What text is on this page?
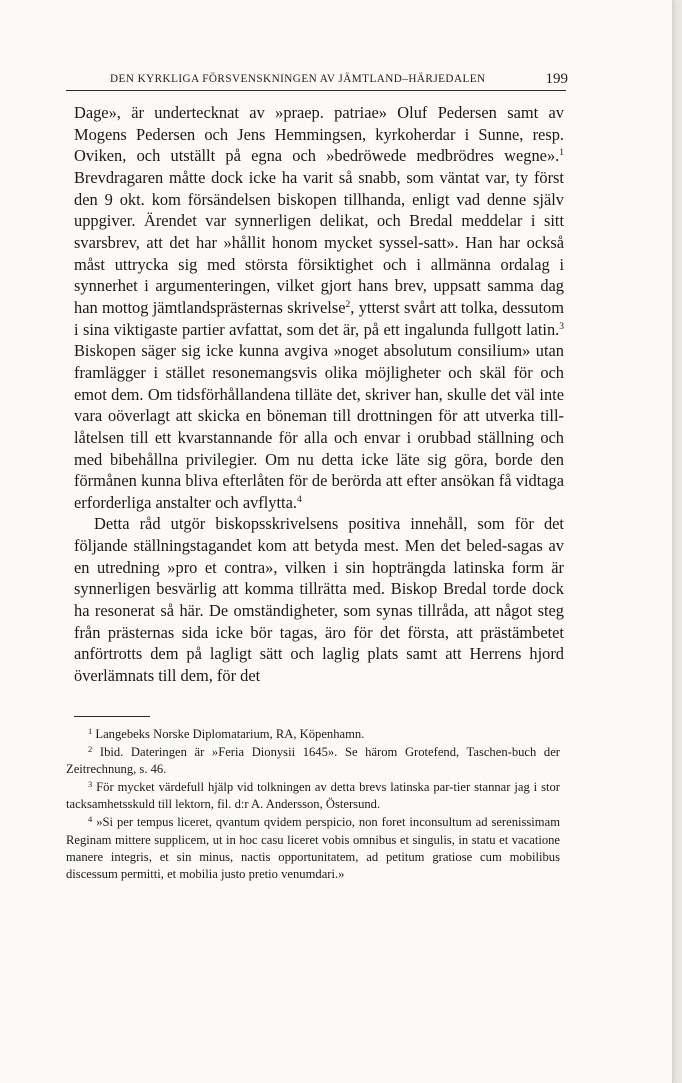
DEN KYRKLIGA FÖRSVENSKNINGEN AV JÄMTLAND–HÄRJEDALEN	199

Dage», är undertecknat av »praep. patriae» Oluf Pedersen samt av Mogens Pedersen och Jens Hemmingsen, kyrkoherdar i Sunne, resp. Oviken, och utställt på egna och »bedröwede medbrödres wegne».$^1$ Brevdragaren måtte dock icke ha varit så snabb, som väntat var, ty först den 9 okt. kom försändelsen biskopen tillhanda, enligt vad denne själv uppgiver. Ärendet var synnerligen delikat, och Bredal meddelar i sitt svarsbrev, att det har »hållit honom mycket syssel-satt». Han har också måst uttrycka sig med största försiktighet och i allmänna ordalag i synnerhet i argumenteringen, vilket gjort hans brev, uppsatt samma dag han mottog jämtlandsprästernas skrivelse$^2$, ytterst svårt att tolka, dessutom i sina viktigaste partier avfattat, som det är, på ett ingalunda fullgott latin.$^3$ Biskopen säger sig icke kunna avgiva »noget absolutum consilium» utan framlägger i stället resonemangsvis olika möjligheter och skäl för och emot dem. Om tidsförhållandena tilläte det, skriver han, skulle det väl inte vara oöverlagt att skicka en böneman till drottningen för att utverka till-låtelsen till ett kvarstannande för alla och envar i orubbad ställning och med bibehållna privilegier. Om nu detta icke läte sig göra, borde den förmånen kunna bliva efterlåten för de berörda att efter ansökan få vidtaga erforderliga anstalter och avflytta.$^4$

Detta råd utgör biskopsskrivelsens positiva innehåll, som för det följande ställningstagandet kom att betyda mest. Men det beled-sagas av en utredning »pro et contra», vilken i sin hopträngda latinska form är synnerligen besvärlig att komma tillrätta med. Biskop Bredal torde dock ha resonerat så här. De omständigheter, som synas tillråda, att något steg från prästernas sida icke bör tagas, äro för det första, att prästämbetet anförtrotts dem på lagligt sätt och laglig plats samt att Herrens hjord överlämnats till dem, för det

$^1$ Langebeks Norske Diplomatarium, RA, Köpenhamn.

$^2$ Ibid. Dateringen är »Feria Dionysii 1645». Se härom Grotefend, Taschen-buch der Zeitrechnung, s. 46.

$^3$ För mycket värdefull hjälp vid tolkningen av detta brevs latinska par-tier stannar jag i stor tacksamhetsskuld till lektorn, fil. d:r A. Andersson, Östersund.

$^4$ »Si per tempus liceret, qvantum qvidem perspicio, non foret inconsultum ad serenissimam Reginam mittere supplicem, ut in hoc casu liceret vobis omnibus et singulis, in statu et vacatione manere integris, et sin minus, nactis opportunitatem, ad petitum gratiose cum mobilibus discessum permitti, et mobilia justo pretio venumdari.»
